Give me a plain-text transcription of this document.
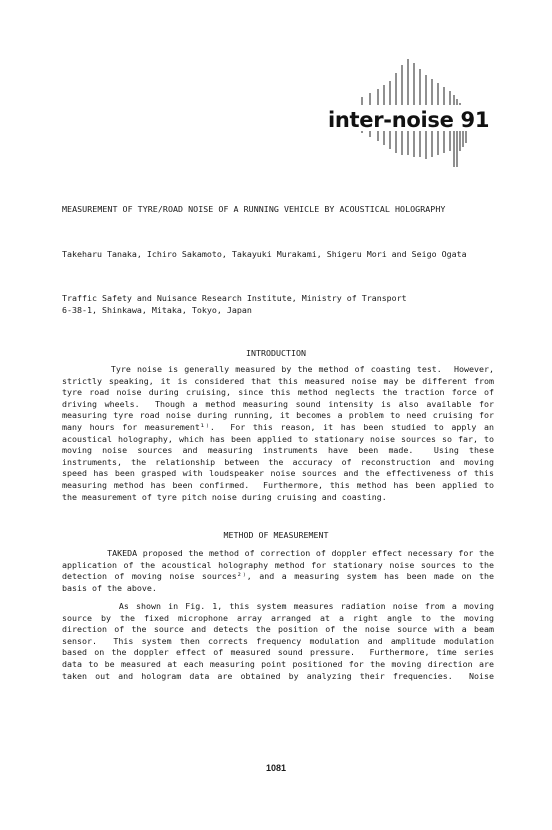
inter-noise 91
MEASUREMENT OF TYRE/ROAD NOISE OF A RUNNING VEHICLE BY ACOUSTICAL HOLOGRAPHY
Takeharu Tanaka, Ichiro Sakamoto, Takayuki Murakami, Shigeru Mori and Seigo Ogata
Traffic Safety and Nuisance Research Institute, Ministry of Transport
6-38-1, Shinkawa, Mitaka, Tokyo, Japan
INTRODUCTION
Tyre noise is generally measured by the method of coasting test.  However,
strictly speaking, it is considered that this measured noise may be different from
tyre road noise during cruising, since this method neglects the traction force of
driving wheels.  Though a method measuring sound intensity is also available for
measuring tyre road noise during running, it becomes a problem to need cruising for
many hours for measurement¹⁾.  For this reason, it has been studied to apply an
acoustical holography, which has been applied to stationary noise sources so far, to
moving noise sources and measuring instruments have been made.  Using these
instruments, the relationship between the accuracy of reconstruction and moving
speed has been grasped with loudspeaker noise sources and the effectiveness of this
measuring method has been confirmed.  Furthermore, this method has been applied to
the measurement of tyre pitch noise during cruising and coasting.
METHOD OF MEASUREMENT
TAKEDA proposed the method of correction of doppler effect necessary for the
application of the acoustical holography method for stationary noise sources to the
detection of moving noise sources²⁾, and a measuring system has been made on the
basis of the above.
As shown in Fig. 1, this system measures radiation noise from a moving
source by the fixed microphone array arranged at a right angle to the moving
direction of the source and detects the position of the noise source with a beam
sensor.  This system then corrects frequency modulation and amplitude modulation
based on the doppler effect of measured sound pressure.  Furthermore, time series
data to be measured at each measuring point positioned for the moving direction are
taken out and hologram data are obtained by analyzing their frequencies.  Noise
1081
